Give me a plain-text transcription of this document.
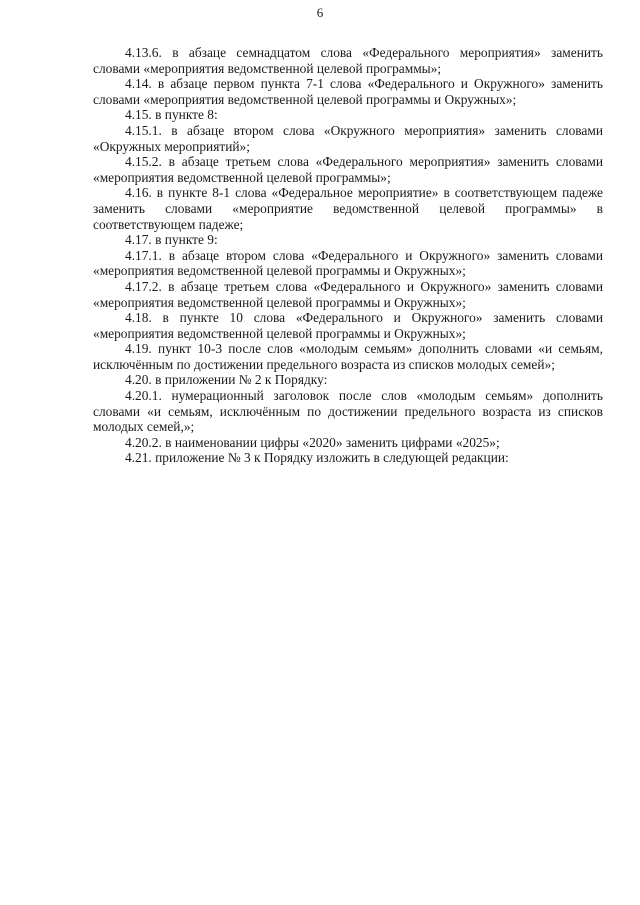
6

4.13.6. в абзаце семнадцатом слова «Федерального мероприятия» заменить словами «мероприятия ведомственной целевой программы»;

4.14. в абзаце первом пункта 7-1 слова «Федерального и Окружного» заменить словами «мероприятия ведомственной целевой программы и Окружных»;

4.15. в пункте 8:

4.15.1. в абзаце втором слова «Окружного мероприятия» заменить словами «Окружных мероприятий»;

4.15.2. в абзаце третьем слова «Федерального мероприятия» заменить словами «мероприятия ведомственной целевой программы»;

4.16. в пункте 8-1 слова «Федеральное мероприятие» в соответствующем падеже заменить словами «мероприятие ведомственной целевой программы» в соответствующем падеже;

4.17. в пункте 9:

4.17.1. в абзаце втором слова «Федерального и Окружного» заменить словами «мероприятия ведомственной целевой программы и Окружных»;

4.17.2. в абзаце третьем слова «Федерального и Окружного» заменить словами «мероприятия ведомственной целевой программы и Окружных»;

4.18. в пункте 10 слова «Федерального и Окружного» заменить словами «мероприятия ведомственной целевой программы и Окружных»;

4.19. пункт 10-3 после слов «молодым семьям» дополнить словами «и семьям, исключённым по достижении предельного возраста из списков молодых семей»;

4.20. в приложении № 2 к Порядку:

4.20.1. нумерационный заголовок после слов «молодым семьям» дополнить словами «и семьям, исключённым по достижении предельного возраста из списков молодых семей,»;

4.20.2. в наименовании цифры «2020» заменить цифрами «2025»;

4.21. приложение № 3 к Порядку изложить в следующей редакции:
